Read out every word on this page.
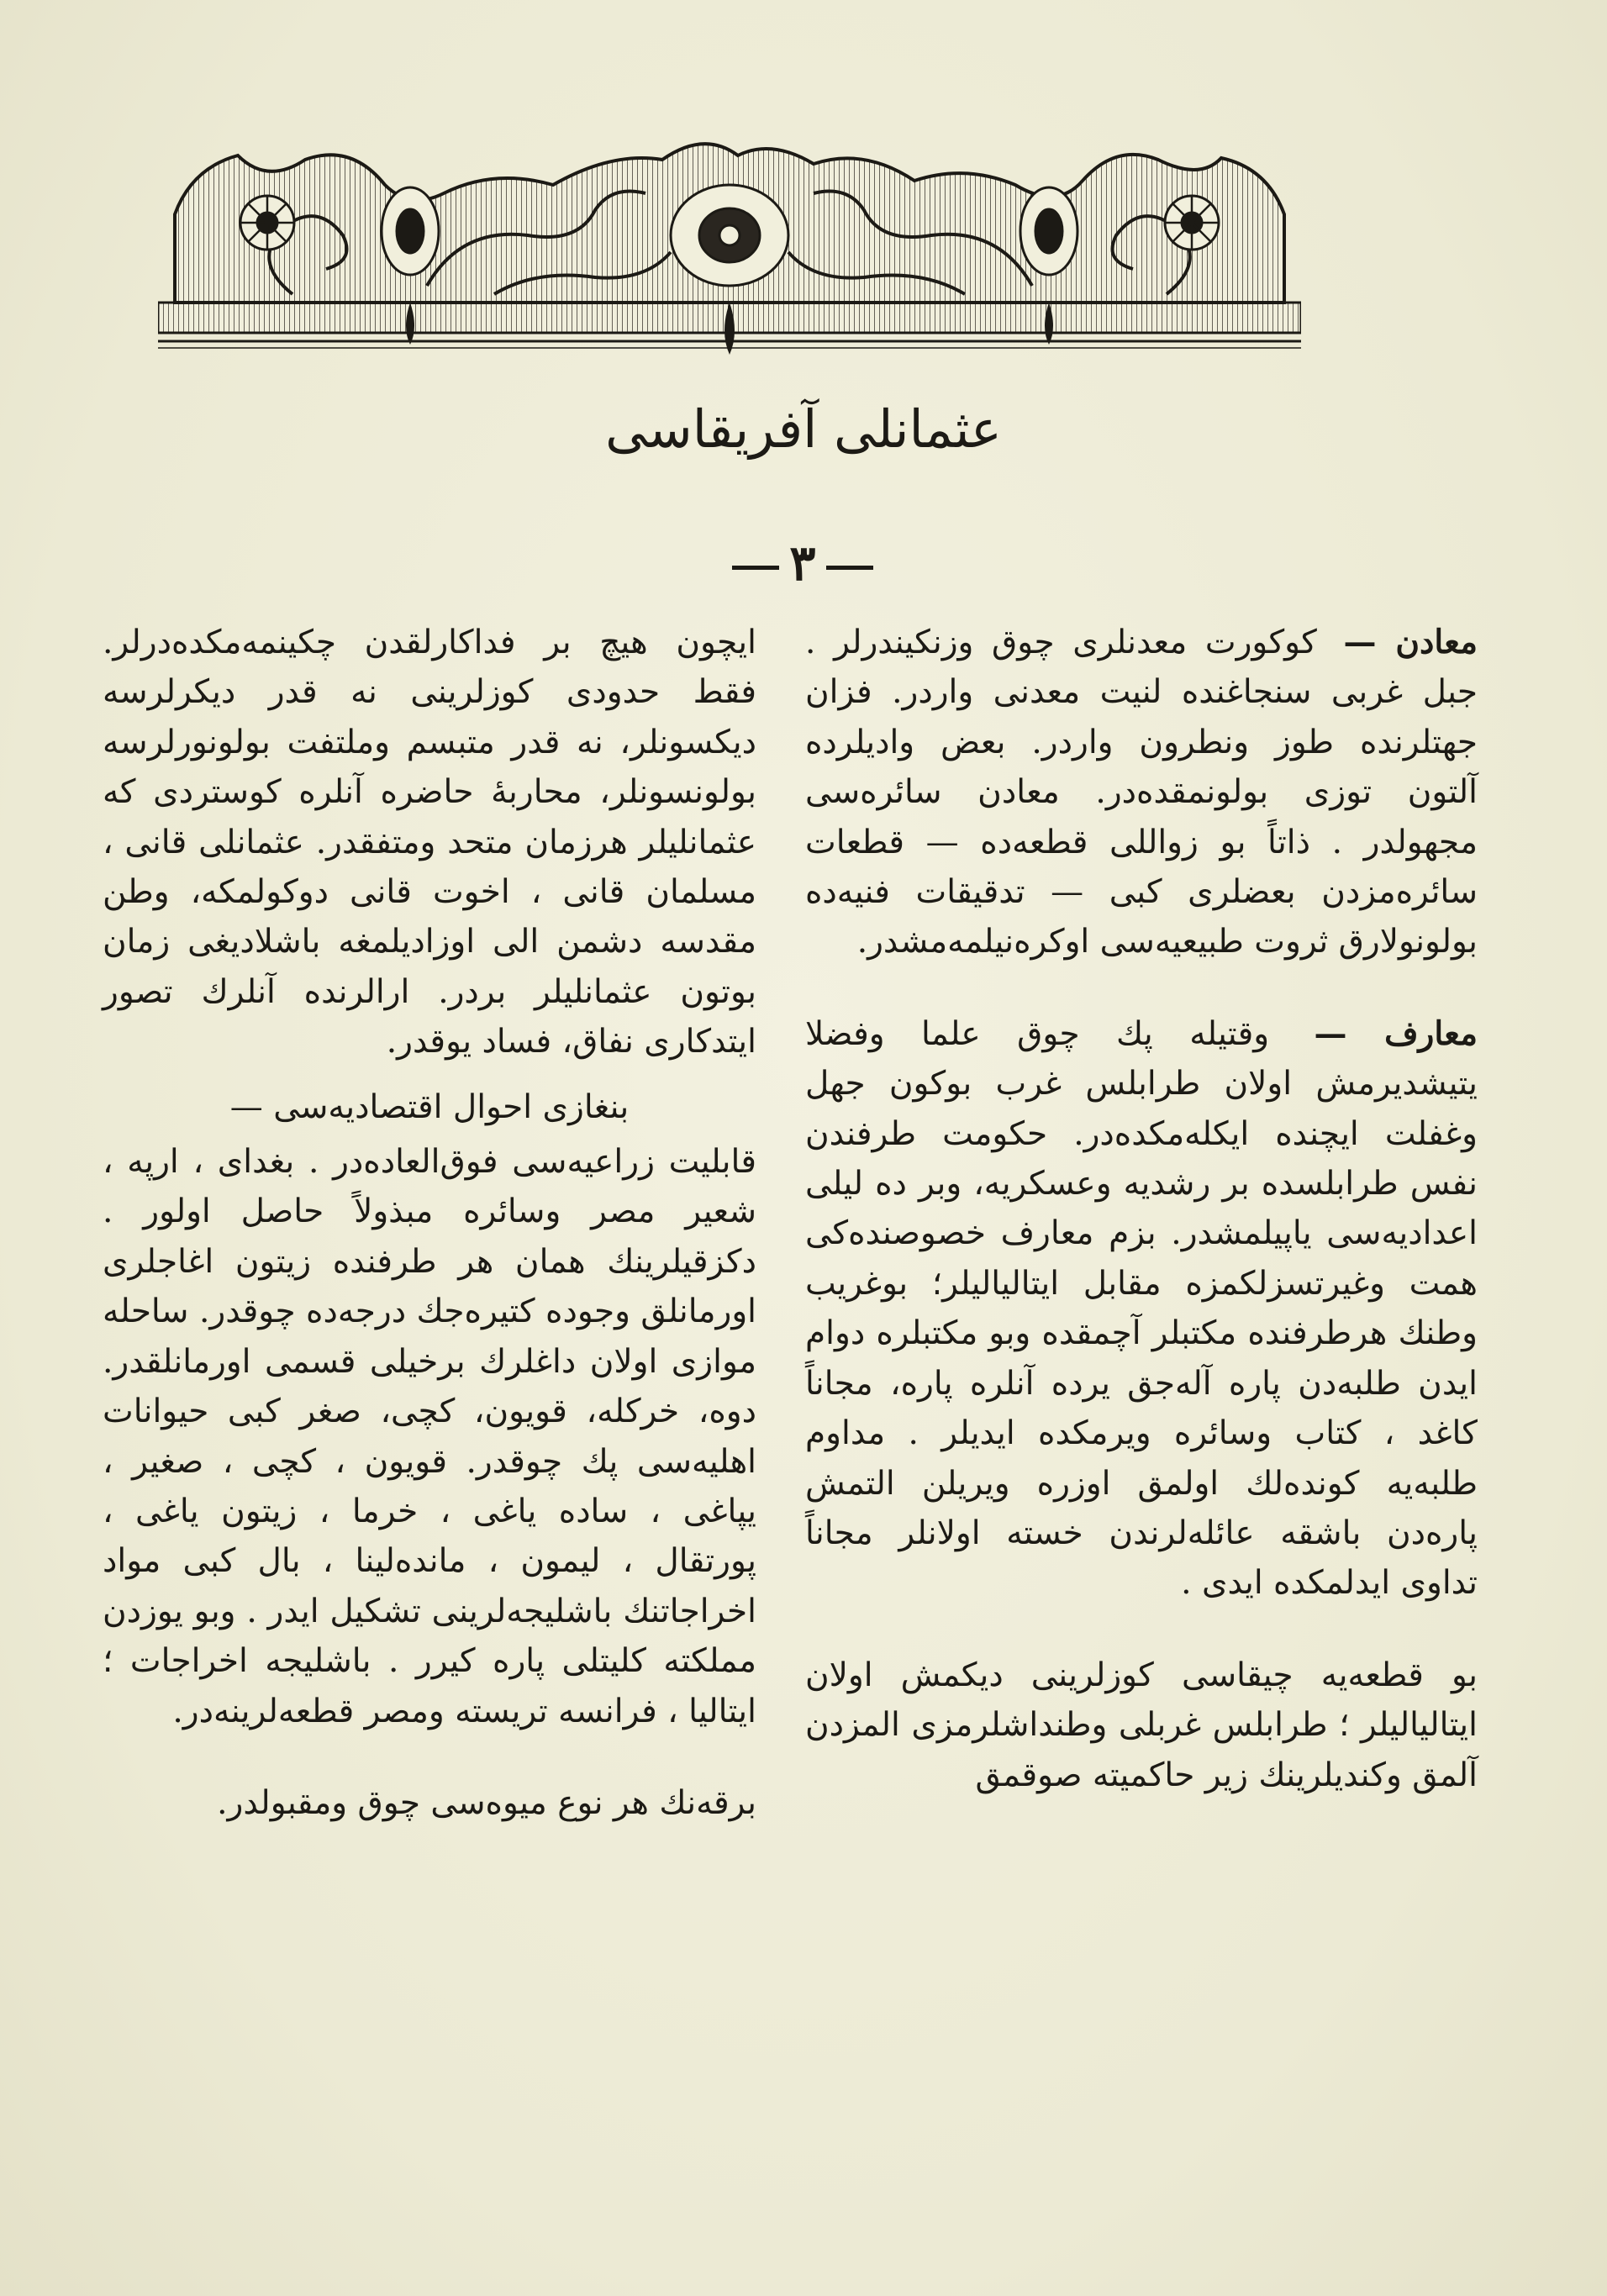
عثمانلی آفریقاسی
٣

معادن — کوکورت معدنلری چوق وزنکیندرلر . جبل غربی سنجاغنده لنیت معدنی واردر. فزان جهتلرنده طوز ونطرون واردر. بعض وادیلرده آلتون توزی بولونمقده‌در. معادن سائره‌سی مجهولدر . ذاتاً بو زواللی قطعه‌ده — قطعات سائره‌مزدن بعضلری کبی — تدقیقات فنیه‌ده بولونولارق ثروت طبیعیه‌سی اوکره‌نیلمه‌مشدر.

معارف — وقتیله پك چوق علما وفضلا یتیشدیرمش اولان طرابلس غرب بوکون جهل وغفلت ایچنده ایکله‌مکده‌در. حکومت طرفندن نفس طرابلسده بر رشدیه وعسکریه، وبر ده لیلی اعدادیه‌سی یاپیلمشدر. بزم معارف خصوصنده‌کی همت وغیرتسزلکمزه مقابل ایتالیالیلر؛ بوغریب وطنك هرطرفنده مکتبلر آچمقده وبو مکتبلره دوام ایدن طلبه‌دن پاره آله‌جق یرده آنلره پاره، مجاناً کاغد ، کتاب وسائره ویرمکده ایدیلر . مداوم طلبه‌یه کونده‌لك اولمق اوزره ویریلن التمش پاره‌دن باشقه عائله‌لرندن خسته اولانلر مجاناً تداوی ایدلمکده ایدی .

بو قطعه‌یه چیقاسی کوزلرینی دیکمش اولان ایتالیالیلر ؛ طرابلس غربلی وطنداشلرمزی المزدن آلمق وکندیلرینك زیر حاکمیته صوقمق

ایچون هیچ بر فداکارلقدن چکینمه‌مکده‌درلر. فقط حدودی کوزلرینی نه قدر دیکرلرسه دیکسونلر، نه قدر متبسم وملتفت بولونورلرسه بولونسونلر، محاربهٔ حاضره آنلره کوستردی که عثمانلیلر هرزمان متحد ومتفقدر. عثمانلی قانی ، مسلمان قانی ، اخوت قانی دوکولمکه، وطن مقدسه دشمن الی اوزادیلمغه باشلادیغی زمان بوتون عثمانلیلر بردر. ارالرنده آنلرك تصور ایتدکاری نفاق، فساد یوقدر.

بنغازی احوال اقتصادیه‌سی —

قابلیت زراعیه‌سی فوق‌العاده‌در . بغدای ، ارپه ، شعیر مصر وسائره مبذولاً حاصل اولور . دکزقیلرینك همان هر طرفنده زیتون اغاجلری اورمانلق وجوده کتیره‌جك درجه‌ده چوقدر. ساحله موازی اولان داغلرك برخیلی قسمی اورمانلقدر. دوه، خرکله، قویون، کچی، صغر کبی حیوانات اهلیه‌سی پك چوقدر. قویون ، کچی ، صغیر ، یپاغی ، ساده یاغی ، خرما ، زیتون یاغی ، پورتقال ، لیمون ، مانده‌لینا ، بال کبی مواد اخراجاتنك باشلیجه‌لرینی تشکیل ایدر . وبو یوزدن مملکته کلیتلی پاره کیرر . باشلیجه اخراجات ؛ ایتالیا ، فرانسه تریسته ومصر قطعه‌لرینه‌در.

برقه‌نك هر نوع میوه‌سی چوق ومقبولدر.
